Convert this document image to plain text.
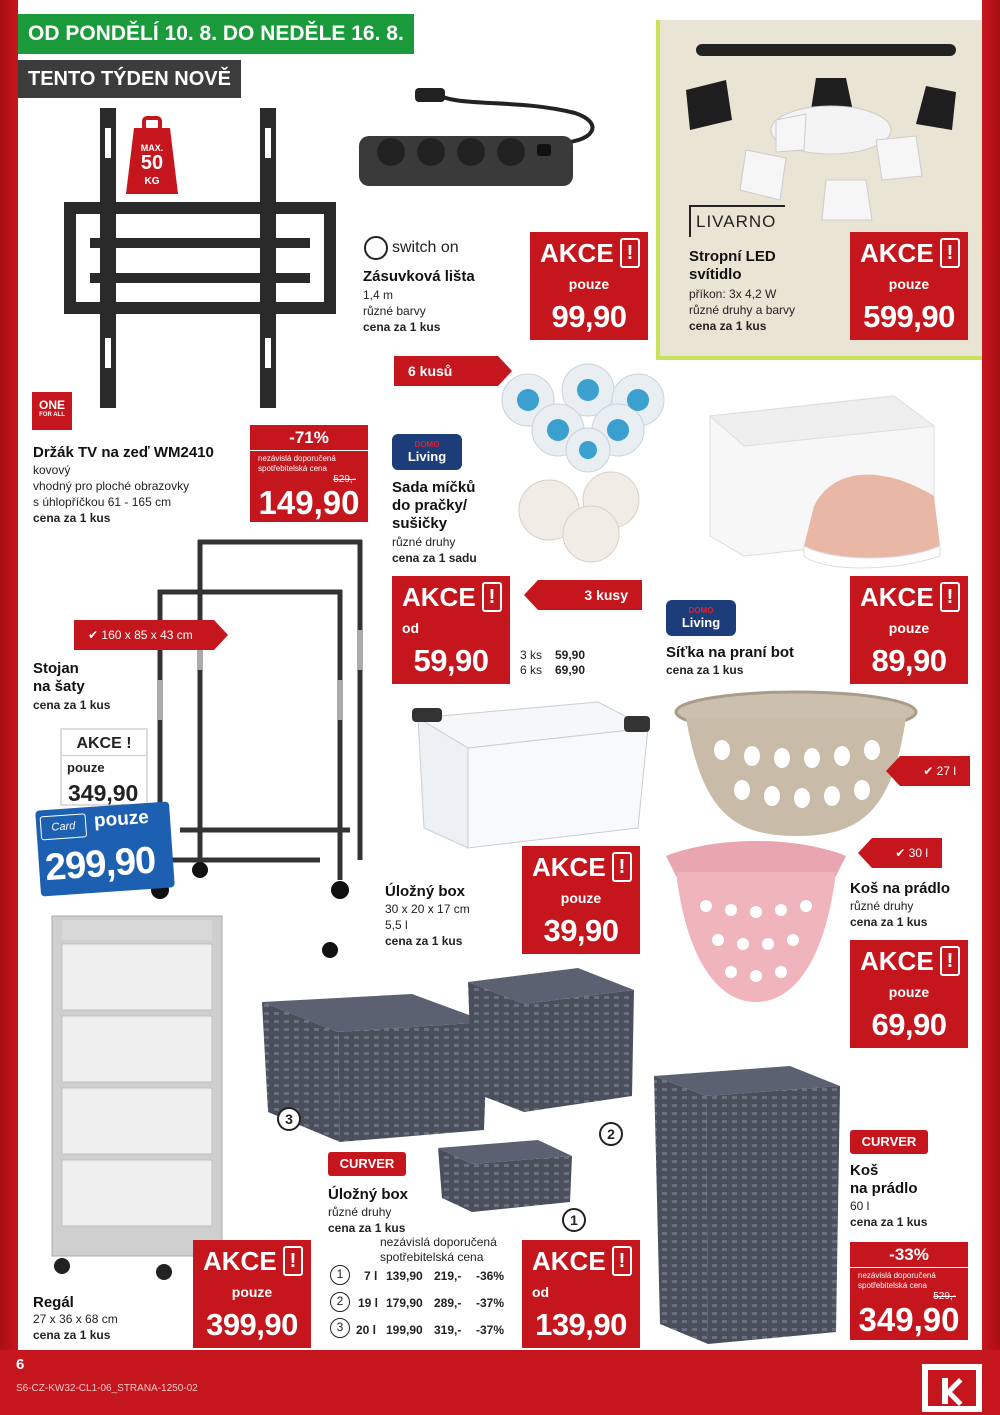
OD PONDĚLÍ 10. 8. DO NEDĚLE 16. 8.
TENTO TÝDEN NOVĚ
MAX.
50
KG
ONE
FOR ALL
Držák TV na zeď WM2410
kovový
vhodný pro ploché obrazovky
s úhlopříčkou 61 - 165 cm
cena za 1 kus
-71%
nezávislá doporučená spotřebitelská cena
529,-
149,90
switch on
Zásuvková lišta
1,4 m
různé barvy
cena za 1 kus
AKCE !
pouze
99,90
LIVARNO
Stropní LED
svítidlo
příkon: 3x 4,2 W
různé druhy a barvy
cena za 1 kus
AKCE !
pouze
599,90
6 kusů
DOMO
Living
Sada míčků
do pračky/
sušičky
různé druhy
cena za 1 sadu
3 kusy
AKCE !
od
59,90	3 ks 59,90
6 ks 69,90
DOMO
Living
Síťka na praní bot
cena za 1 kus
AKCE !
pouze
89,90
✔ 160 x 85 x 43 cm
Stojan
na šaty
cena za 1 kus
AKCE !
pouze
349,90
Card pouze
299,90
Úložný box
30 x 20 x 17 cm
5,5 l
cena za 1 kus
AKCE !
pouze
39,90
✔ 27 l
✔ 30 l
Koš na prádlo
různé druhy
cena za 1 kus
AKCE !
pouze
69,90
Regál
27 x 36 x 68 cm
cena za 1 kus
AKCE !
pouze
399,90
3
2
1
CURVER
Úložný box
různé druhy
cena za 1 kus
nezávislá doporučená spotřebitelská cena
1	7 l 139,90 219,- -36%
2	19 l 179,90 289,- -37%
3	20 l 199,90 319,- -37%
AKCE !
od
139,90
CURVER
Koš
na prádlo
60 l
cena za 1 kus
-33%
nezávislá doporučená spotřebitelská cena
529,-
349,90
6
S6-CZ-KW32-CL1-06_STRANA-1250-02
